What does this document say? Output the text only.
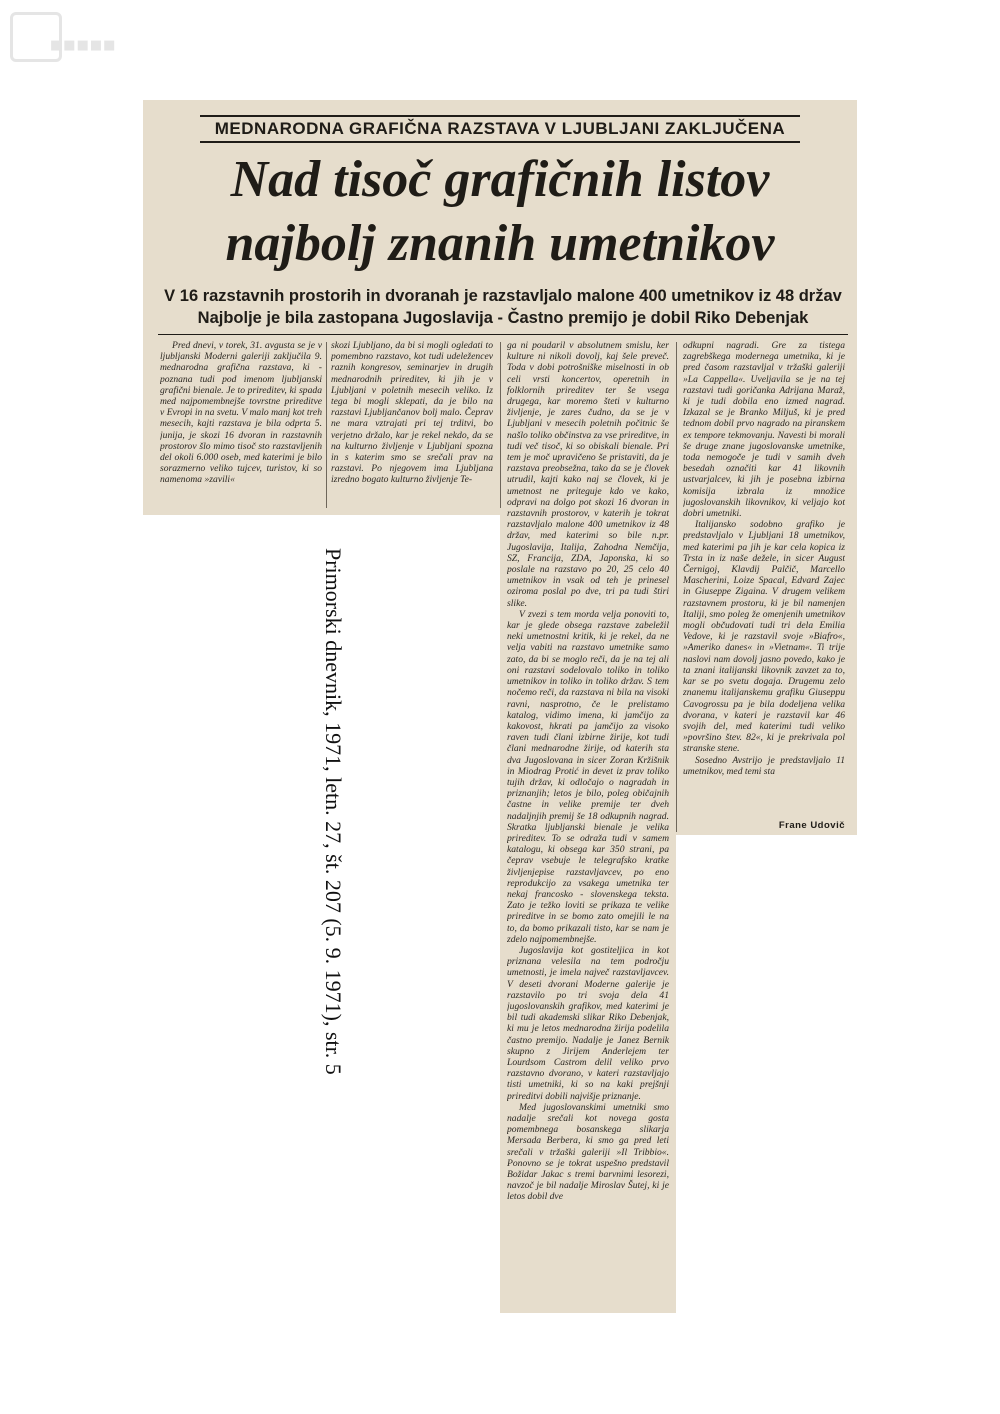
■■■■■
MEDNARODNA GRAFIČNA RAZSTAVA V LJUBLJANI ZAKLJUČENA
Nad tisoč grafičnih listov
najbolj znanih umetnikov
V 16 razstavnih prostorih in dvoranah je razstavljalo malone 400 umetnikov iz 48 držav
Najbolje je bila zastopana Jugoslavija - Častno premijo je dobil Riko Debenjak

Pred dnevi, v torek, 31. avgusta se je v ljubljanski Moderni galeriji zaključila 9. mednarodna grafična razstava, ki - poznana tudi pod imenom ljubljanski grafični bienale. Je to prireditev, ki spada med najpomembnejše tovrstne prireditve v Evropi in na svetu. V malo manj kot treh mesecih, kajti razstava je bila odprta 5. junija, je skozi 16 dvoran in razstavnih prostorov šlo mimo tisoč sto razstavljenih del okoli 6.000 oseb, med katerimi je bilo sorazmerno veliko tujcev, turistov, ki so namenoma »zavili«

skozi Ljubljano, da bi si mogli ogledati to pomembno razstavo, kot tudi udeležencev raznih kongresov, seminarjev in drugih mednarodnih prireditev, ki jih je v Ljubljani v poletnih mesecih veliko. Iz tega bi mogli sklepati, da je bilo na razstavi Ljubljančanov bolj malo. Čeprav ne mara vztrajati pri tej trditvi, bo verjetno držalo, kar je rekel nekdo, da se na kulturno življenje v Ljubljani spozna in s katerim smo se srečali prav na razstavi. Po njegovem ima Ljubljana izredno bogato kulturno življenje Te-

ga ni poudaril v absolutnem smislu, ker kulture ni nikoli dovolj, kaj šele preveč. Toda v dobi potrošniške miselnosti in ob celi vrsti koncertov, operetnih in folklornih prireditev ter še vsega drugega, kar moremo šteti v kulturno življenje, je zares čudno, da se je v Ljubljani v mesecih poletnih počitnic še našlo toliko občinstva za vse prireditve, in tudi več tisoč, ki so obiskali bienale. Pri tem je moč upravičeno še pristaviti, da je razstava preobsežna, tako da se je človek utrudil, kajti kako naj se človek, ki je umetnost ne priteguje kdo ve kako, odpravi na dolgo pot skozi 16 dvoran in razstavnih prostorov, v katerih je tokrat razstavljalo malone 400 umetnikov iz 48 držav, med katerimi so bile n.pr. Jugoslavija, Italija, Zahodna Nemčija, SZ, Francija, ZDA, Japonska, ki so poslale na razstavo po 20, 25 celo 40 umetnikov in vsak od teh je prinesel oziroma poslal po dve, tri pa tudi štiri slike.

V zvezi s tem morda velja ponoviti to, kar je glede obsega razstave zabeležil neki umetnostni kritik, ki je rekel, da ne velja vabiti na razstavo umetnike samo zato, da bi se moglo reči, da je na tej ali oni razstavi sodelovalo toliko in toliko umetnikov in toliko in toliko držav. S tem nočemo reči, da razstava ni bila na visoki ravni, nasprotno, če le prelistamo katalog, vidimo imena, ki jamčijo za kakovost, hkrati pa jamčijo za visoko raven tudi člani izbirne žirije, kot tudi člani mednarodne žirije, od katerih sta dva Jugoslovana in sicer Zoran Kržišnik in Miodrag Protić in devet iz prav toliko tujih držav, ki odločajo o nagradah in priznanjih; letos je bilo, poleg običajnih častne in velike premije ter dveh nadaljnjih premij še 18 odkupnih nagrad. Skratka ljubljanski bienale je velika prireditev. To se odraža tudi v samem katalogu, ki obsega kar 350 strani, pa čeprav vsebuje le telegrafsko kratke življenjepise razstavljavcev, po eno reprodukcijo za vsakega umetnika ter nekaj francosko - slovenskega teksta. Zato je težko loviti se prikaza te velike prireditve in se bomo zato omejili le na to, da bomo prikazali tisto, kar se nam je zdelo najpomembnejše.

Jugoslavija kot gostiteljica in kot priznana velesila na tem področju umetnosti, je imela največ razstavljavcev. V deseti dvorani Moderne galerije je razstavilo po tri svoja dela 41 jugoslovanskih grafikov, med katerimi je bil tudi akademski slikar Riko Debenjak, ki mu je letos mednarodna žirija podelila častno premijo. Nadalje je Janez Bernik skupno z Jirijem Anderlejem ter Lourdsom Castrom delil veliko prvo razstavno dvorano, v kateri razstavljajo tisti umetniki, ki so na kaki prejšnji prireditvi dobili najvišje priznanje.

Med jugoslovanskimi umetniki smo nadalje srečali kot novega gosta pomembnega bosanskega slikarja Mersada Berbera, ki smo ga pred leti srečali v tržaški galeriji »Il Tribbio«. Ponovno se je tokrat uspešno predstavil Božidar Jakac s tremi barvnimi lesorezi, navzoč je bil nadalje Miroslav Šutej, ki je letos dobil dve

odkupni nagradi. Gre za tistega zagrebškega modernega umetnika, ki je pred časom razstavljal v tržaški galeriji »La Cappella«. Uveljavila se je na tej razstavi tudi goričanka Adrijana Maraž, ki je tudi dobila eno izmed nagrad. Izkazal se je Branko Miljuš, ki je pred tednom dobil prvo nagrado na piranskem ex tempore tekmovanju. Navesti bi morali še druge znane jugoslovanske umetnike, toda nemogoče je tudi v samih dveh besedah označiti kar 41 likovnih ustvarjalcev, ki jih je posebna izbirna komisija izbrala iz množice jugoslovanskih likovnikov, ki veljajo kot dobri umetniki.

Italijansko sodobno grafiko je predstavljalo v Ljubljani 18 umetnikov, med katerimi pa jih je kar cela kopica iz Trsta in iz naše dežele, in sicer August Černigoj, Klavdij Palčič, Marcello Mascherini, Loize Spacal, Edvard Zajec in Giuseppe Zigaina. V drugem velikem razstavnem prostoru, ki je bil namenjen Italiji, smo poleg že omenjenih umetnikov mogli občudovati tudi tri dela Emilia Vedove, ki je razstavil svoje »Biafro«, »Ameriko danes« in »Vietnam«. Ti trije naslovi nam dovolj jasno povedo, kako je ta znani italijanski likovnik zavzet za to, kar se po svetu dogaja. Drugemu zelo znanemu italijanskemu grafiku Giuseppu Cavogrossu pa je bila dodeljena velika dvorana, v kateri je razstavil kar 46 svojih del, med katerimi tudi veliko »površino štev. 82«, ki je prekrivala pol stranske stene.

Sosedno Avstrijo je predstavljalo 11 umetnikov, med temi sta

Frane Udovič
Primorski dnevnik, 1971, letn. 27, št. 207 (5. 9. 1971), str. 5
